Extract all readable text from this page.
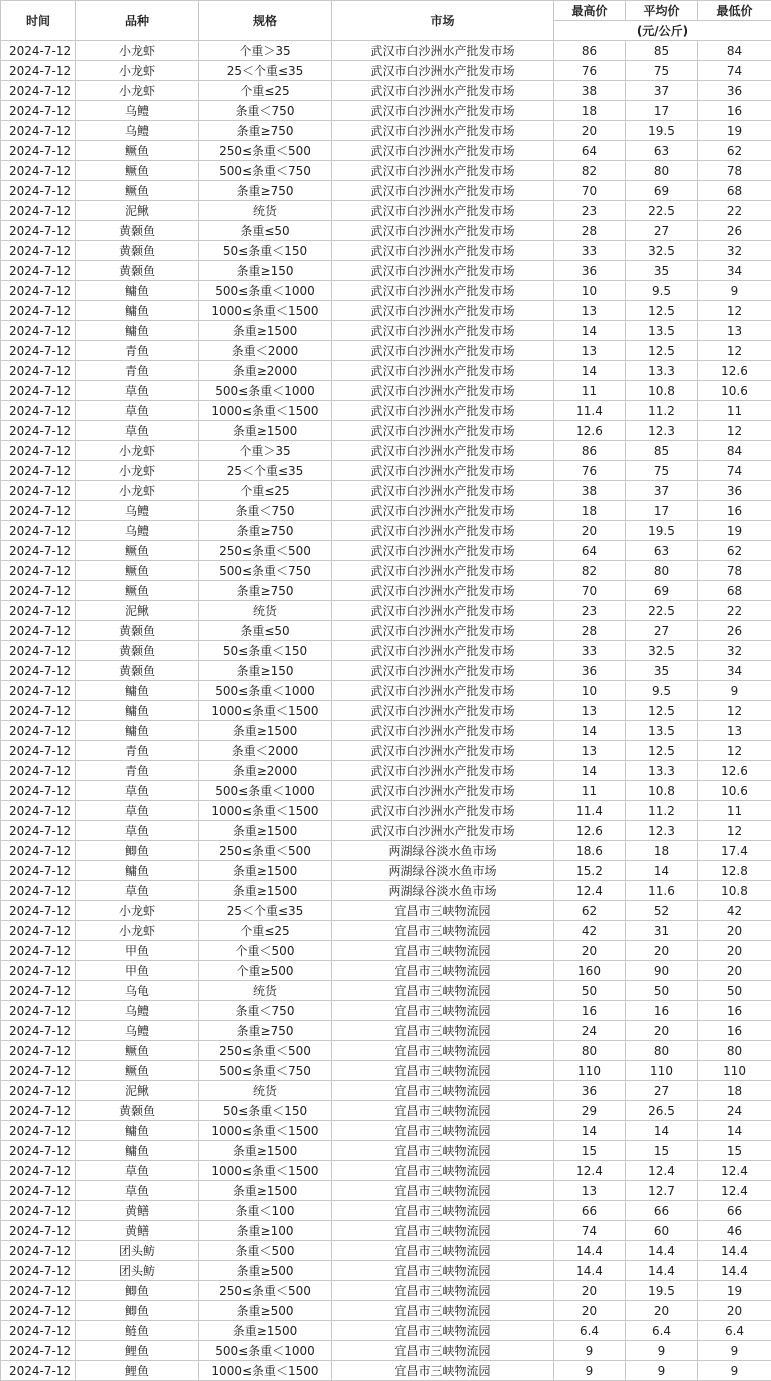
时间	品种	规格	市场	最高价	平均价	最低价
				(元/公斤)		
2024-7-12	小龙虾	个重＞35	武汉市白沙洲水产批发市场	86	85	84
2024-7-12	小龙虾	25＜个重≤35	武汉市白沙洲水产批发市场	76	75	74
2024-7-12	小龙虾	个重≤25	武汉市白沙洲水产批发市场	38	37	36
2024-7-12	乌鳢	条重＜750	武汉市白沙洲水产批发市场	18	17	16
2024-7-12	乌鳢	条重≥750	武汉市白沙洲水产批发市场	20	19.5	19
2024-7-12	鳜鱼	250≤条重＜500	武汉市白沙洲水产批发市场	64	63	62
2024-7-12	鳜鱼	500≤条重＜750	武汉市白沙洲水产批发市场	82	80	78
2024-7-12	鳜鱼	条重≥750	武汉市白沙洲水产批发市场	70	69	68
2024-7-12	泥鳅	统货	武汉市白沙洲水产批发市场	23	22.5	22
2024-7-12	黄颡鱼	条重≤50	武汉市白沙洲水产批发市场	28	27	26
2024-7-12	黄颡鱼	50≤条重＜150	武汉市白沙洲水产批发市场	33	32.5	32
2024-7-12	黄颡鱼	条重≥150	武汉市白沙洲水产批发市场	36	35	34
2024-7-12	鳙鱼	500≤条重＜1000	武汉市白沙洲水产批发市场	10	9.5	9
2024-7-12	鳙鱼	1000≤条重＜1500	武汉市白沙洲水产批发市场	13	12.5	12
2024-7-12	鳙鱼	条重≥1500	武汉市白沙洲水产批发市场	14	13.5	13
2024-7-12	青鱼	条重＜2000	武汉市白沙洲水产批发市场	13	12.5	12
2024-7-12	青鱼	条重≥2000	武汉市白沙洲水产批发市场	14	13.3	12.6
2024-7-12	草鱼	500≤条重＜1000	武汉市白沙洲水产批发市场	11	10.8	10.6
2024-7-12	草鱼	1000≤条重＜1500	武汉市白沙洲水产批发市场	11.4	11.2	11
2024-7-12	草鱼	条重≥1500	武汉市白沙洲水产批发市场	12.6	12.3	12
2024-7-12	小龙虾	个重＞35	武汉市白沙洲水产批发市场	86	85	84
2024-7-12	小龙虾	25＜个重≤35	武汉市白沙洲水产批发市场	76	75	74
2024-7-12	小龙虾	个重≤25	武汉市白沙洲水产批发市场	38	37	36
2024-7-12	乌鳢	条重＜750	武汉市白沙洲水产批发市场	18	17	16
2024-7-12	乌鳢	条重≥750	武汉市白沙洲水产批发市场	20	19.5	19
2024-7-12	鳜鱼	250≤条重＜500	武汉市白沙洲水产批发市场	64	63	62
2024-7-12	鳜鱼	500≤条重＜750	武汉市白沙洲水产批发市场	82	80	78
2024-7-12	鳜鱼	条重≥750	武汉市白沙洲水产批发市场	70	69	68
2024-7-12	泥鳅	统货	武汉市白沙洲水产批发市场	23	22.5	22
2024-7-12	黄颡鱼	条重≤50	武汉市白沙洲水产批发市场	28	27	26
2024-7-12	黄颡鱼	50≤条重＜150	武汉市白沙洲水产批发市场	33	32.5	32
2024-7-12	黄颡鱼	条重≥150	武汉市白沙洲水产批发市场	36	35	34
2024-7-12	鳙鱼	500≤条重＜1000	武汉市白沙洲水产批发市场	10	9.5	9
2024-7-12	鳙鱼	1000≤条重＜1500	武汉市白沙洲水产批发市场	13	12.5	12
2024-7-12	鳙鱼	条重≥1500	武汉市白沙洲水产批发市场	14	13.5	13
2024-7-12	青鱼	条重＜2000	武汉市白沙洲水产批发市场	13	12.5	12
2024-7-12	青鱼	条重≥2000	武汉市白沙洲水产批发市场	14	13.3	12.6
2024-7-12	草鱼	500≤条重＜1000	武汉市白沙洲水产批发市场	11	10.8	10.6
2024-7-12	草鱼	1000≤条重＜1500	武汉市白沙洲水产批发市场	11.4	11.2	11
2024-7-12	草鱼	条重≥1500	武汉市白沙洲水产批发市场	12.6	12.3	12
2024-7-12	鲫鱼	250≤条重＜500	两湖绿谷淡水鱼市场	18.6	18	17.4
2024-7-12	鳙鱼	条重≥1500	两湖绿谷淡水鱼市场	15.2	14	12.8
2024-7-12	草鱼	条重≥1500	两湖绿谷淡水鱼市场	12.4	11.6	10.8
2024-7-12	小龙虾	25＜个重≤35	宜昌市三峡物流园	62	52	42
2024-7-12	小龙虾	个重≤25	宜昌市三峡物流园	42	31	20
2024-7-12	甲鱼	个重＜500	宜昌市三峡物流园	20	20	20
2024-7-12	甲鱼	个重≥500	宜昌市三峡物流园	160	90	20
2024-7-12	乌龟	统货	宜昌市三峡物流园	50	50	50
2024-7-12	乌鳢	条重＜750	宜昌市三峡物流园	16	16	16
2024-7-12	乌鳢	条重≥750	宜昌市三峡物流园	24	20	16
2024-7-12	鳜鱼	250≤条重＜500	宜昌市三峡物流园	80	80	80
2024-7-12	鳜鱼	500≤条重＜750	宜昌市三峡物流园	110	110	110
2024-7-12	泥鳅	统货	宜昌市三峡物流园	36	27	18
2024-7-12	黄颡鱼	50≤条重＜150	宜昌市三峡物流园	29	26.5	24
2024-7-12	鳙鱼	1000≤条重＜1500	宜昌市三峡物流园	14	14	14
2024-7-12	鳙鱼	条重≥1500	宜昌市三峡物流园	15	15	15
2024-7-12	草鱼	1000≤条重＜1500	宜昌市三峡物流园	12.4	12.4	12.4
2024-7-12	草鱼	条重≥1500	宜昌市三峡物流园	13	12.7	12.4
2024-7-12	黄鳝	条重＜100	宜昌市三峡物流园	66	66	66
2024-7-12	黄鳝	条重≥100	宜昌市三峡物流园	74	60	46
2024-7-12	团头鲂	条重＜500	宜昌市三峡物流园	14.4	14.4	14.4
2024-7-12	团头鲂	条重≥500	宜昌市三峡物流园	14.4	14.4	14.4
2024-7-12	鲫鱼	250≤条重＜500	宜昌市三峡物流园	20	19.5	19
2024-7-12	鲫鱼	条重≥500	宜昌市三峡物流园	20	20	20
2024-7-12	鲢鱼	条重≥1500	宜昌市三峡物流园	6.4	6.4	6.4
2024-7-12	鲤鱼	500≤条重＜1000	宜昌市三峡物流园	9	9	9
2024-7-12	鲤鱼	1000≤条重＜1500	宜昌市三峡物流园	9	9	9
